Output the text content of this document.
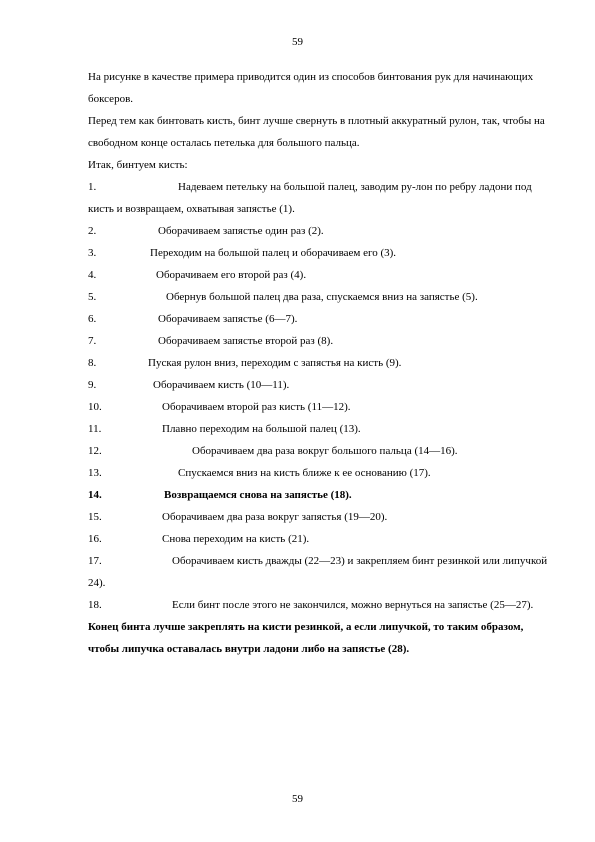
59

На рисунке в качестве примера приводится один из способов бинтования рук для начинающих боксеров.

Перед тем как бинтовать кисть, бинт лучше свернуть в плотный аккуратный рулон, так, чтобы на свободном конце осталась петелька для большого пальца.

Итак, бинтуем кисть:

1.	Надеваем петельку на большой палец, заводим ру-лон по ребру ладони под кисть и возвращаем, охватывая запястье (1).
2.	Оборачиваем запястье один раз (2).
3.	Переходим на большой палец и оборачиваем его (3).
4.	Оборачиваем его второй раз (4).
5.	Обернув большой палец два раза, спускаемся вниз на запястье (5).
6.	Оборачиваем запястье (6—7).
7.	Оборачиваем запястье второй раз (8).
8.	Пуская рулон вниз, переходим с запястья на кисть (9).
9.	Оборачиваем кисть (10—11).
10.	Оборачиваем второй раз кисть (11—12).
11.	Плавно переходим на большой палец (13).
12.	Оборачиваем два раза вокруг большого пальца (14—16).
13.	Спускаемся вниз на кисть ближе к ее основанию (17).
14.	Возвращаемся снова на запястье (18).
15.	Оборачиваем два раза вокруг запястья (19—20).
16.	Снова переходим на кисть (21).
17.	Оборачиваем кисть дважды (22—23) и закрепляем бинт резинкой или липучкой 24).
18.	Если бинт после этого не закончился, можно вернуться на запястье (25—27).

Конец бинта лучше закреплять на кисти резинкой, а если липучкой, то таким образом, чтобы липучка оставалась внутри ладони либо на запястье (28).

59
